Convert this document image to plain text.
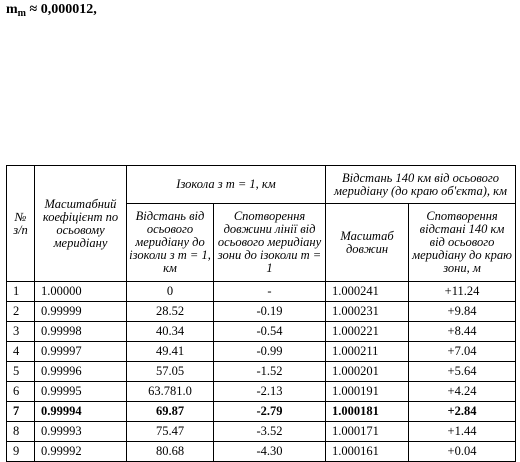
$m_m \approx 0,000012$,
№ з/п	Масштабний коефіцієнт по осьовому меридіану	Ізокола з m = 1, км		Відстань 140 км від осьового меридіану (до краю об'єкта), км	
		Відстань від осьового меридіану до ізоколи з m = 1, км	Спотворення довжини лінії від осьового меридіану зони до ізоколи m = 1	Масштаб довжин	Спотворення відстані 140 км від осьового меридіану до краю зони, м
1	1.00000	0	-	1.000241	+11.24
2	0.99999	28.52	-0.19	1.000231	+9.84
3	0.99998	40.34	-0.54	1.000221	+8.44
4	0.99997	49.41	-0.99	1.000211	+7.04
5	0.99996	57.05	-1.52	1.000201	+5.64
6	0.99995	63.781.0	-2.13	1.000191	+4.24
7	0.99994	69.87	-2.79	1.000181	+2.84
8	0.99993	75.47	-3.52	1.000171	+1.44
9	0.99992	80.68	-4.30	1.000161	+0.04
